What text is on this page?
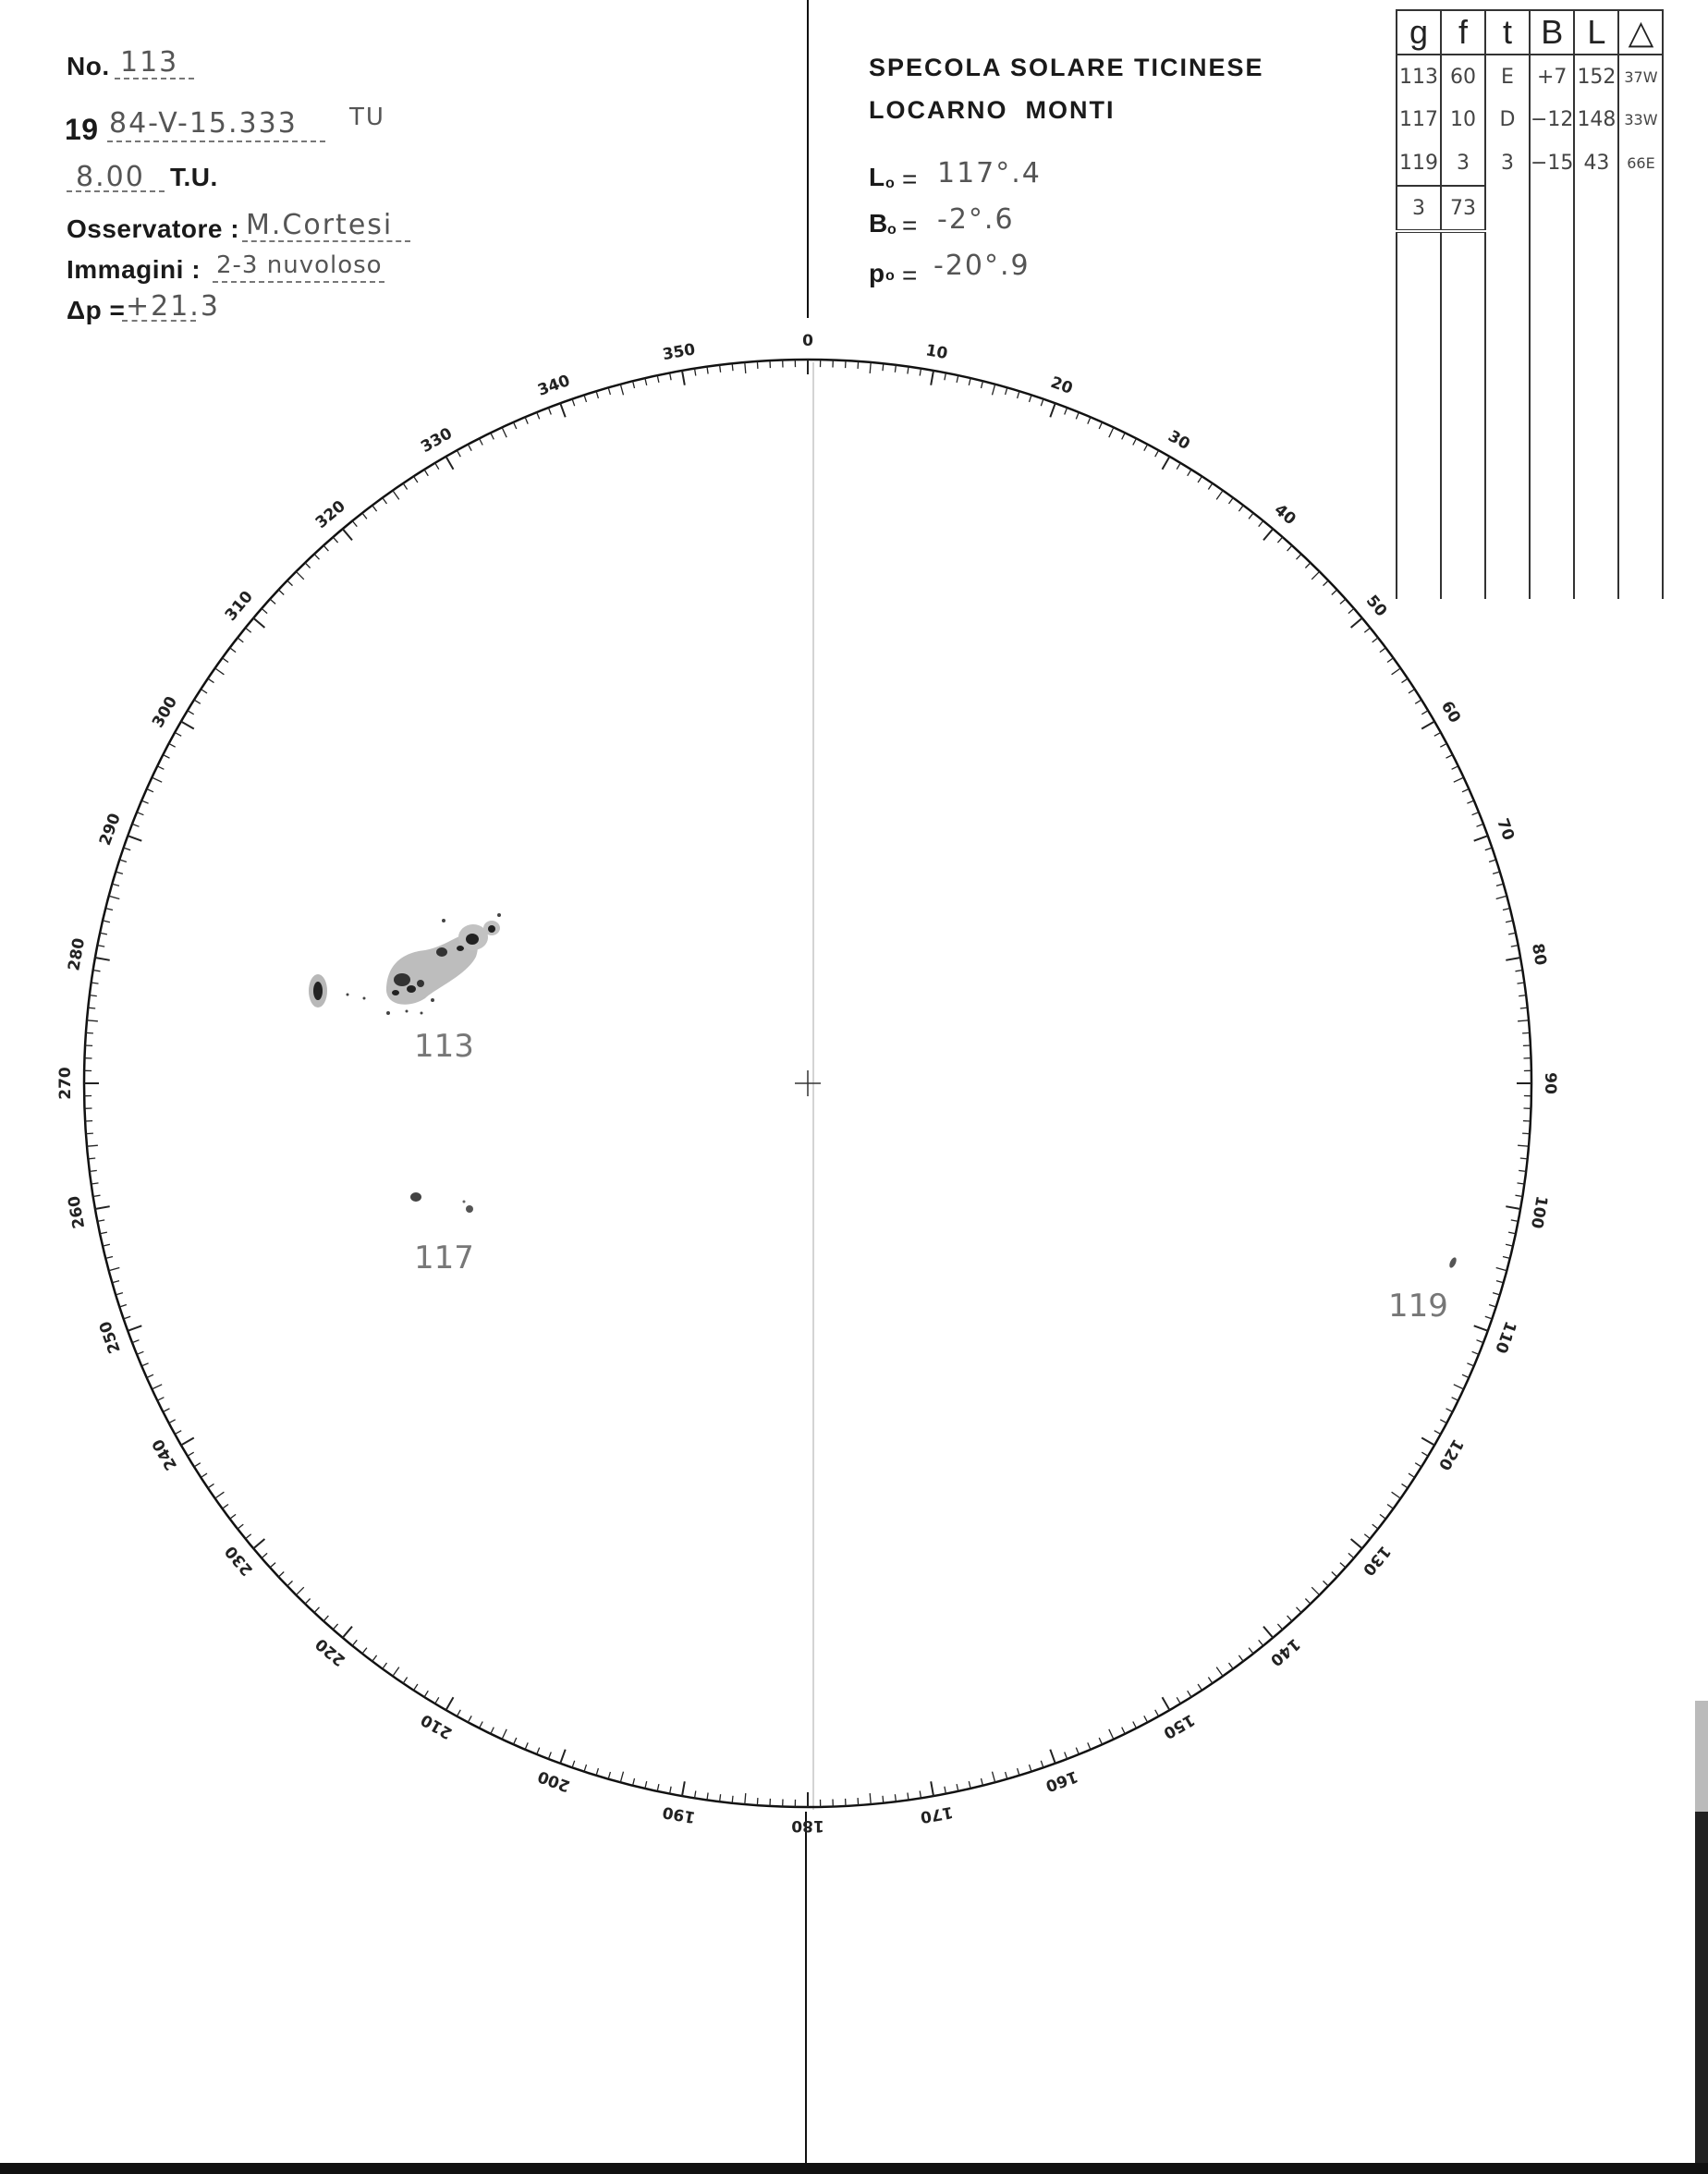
No. 113
19 84-V-15.333 TU
8.00 T.U.
Osservatore : M.Cortesi
Immagini : 2-3 nuvoloso
Δp = +21.3
SPECOLA SOLARE TICINESE
LOCARNO  MONTI
L o = 117°.4
B o = -2°.6
p o = -20°.9
g	f	t	B	L	△
113	60	E	+7	152	37W
117	10	D	−12	148	33W
119	3	3	−15	43	66E
3	73				

0
10
20
30
40
50
60
70
80
90
100
110
120
130
140
150
160
170
180
190
200
210
220
230
240
250
260
270
280
290
300
310
320
330
340
350
113
117
119
